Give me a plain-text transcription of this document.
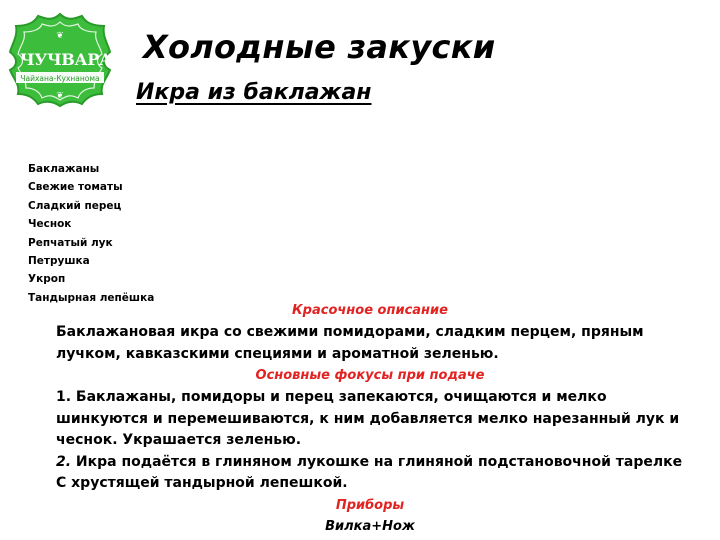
❦
Чайхана-Кухнанома
❦
ЧУЧВАРА Холодные закуски
Икра из баклажан
Баклажаны
Свежие томаты
Сладкий перец
Чеснок
Репчатый лук
Петрушка
Укроп
Тандырная лепёшка
Красочное описание

Баклажановая икра со свежими помидорами, сладким перцем, пряным лучком, кавказскими специями и ароматной зеленью.

Основные фокусы при подаче

1. Баклажаны, помидоры и перец запекаются, очищаются и мелко шинкуются и перемешиваются, к ним добавляется мелко нарезанный лук и чеснок. Украшается зеленью.

2. Икра подаётся в глиняном лукошке на глиняной подстановочной тарелке С хрустящей тандырной лепешкой.

Приборы
Вилка+Нож
